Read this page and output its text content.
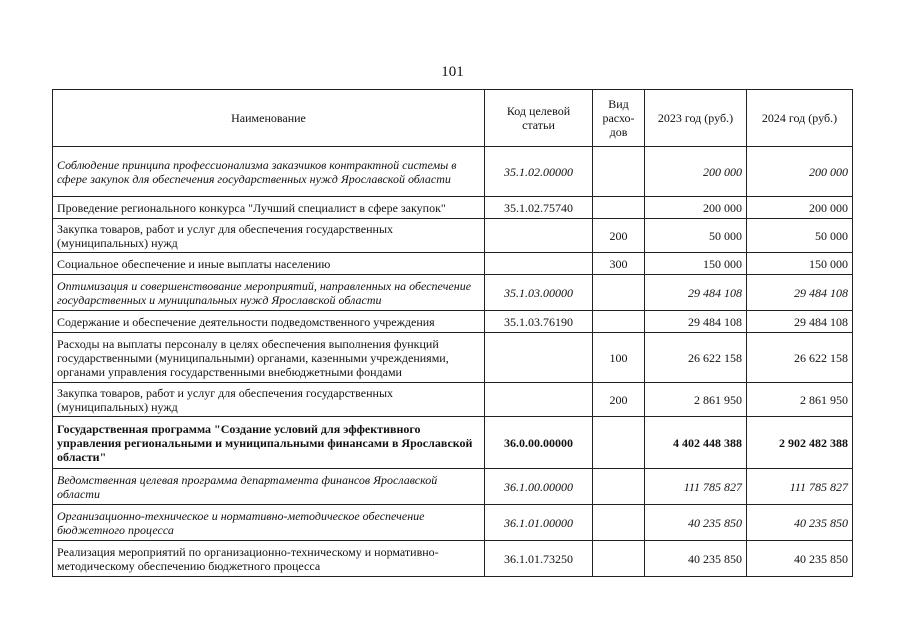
101
Наименование	Код целевой статьи	Вид расхо-дов	2023 год (руб.)	2024 год (руб.)
Соблюдение принципа профессионализма заказчиков контрактной системы в сфере закупок для обеспечения государственных нужд Ярославской области	35.1.02.00000		200 000	200 000
Проведение регионального конкурса "Лучший специалист в сфере закупок"	35.1.02.75740		200 000	200 000
Закупка товаров, работ и услуг для обеспечения государственных (муниципальных) нужд		200	50 000	50 000
Социальное обеспечение и иные выплаты населению		300	150 000	150 000
Оптимизация и совершенствование мероприятий, направленных на обеспечение государственных и муниципальных нужд Ярославской области	35.1.03.00000		29 484 108	29 484 108
Содержание и обеспечение деятельности подведомственного учреждения	35.1.03.76190		29 484 108	29 484 108
Расходы на выплаты персоналу в целях обеспечения выполнения функций государственными (муниципальными) органами, казенными учреждениями, органами управления государственными внебюджетными фондами		100	26 622 158	26 622 158
Закупка товаров, работ и услуг для обеспечения государственных (муниципальных) нужд		200	2 861 950	2 861 950
Государственная программа "Создание условий для эффективного управления региональными и муниципальными финансами в Ярославской области"	36.0.00.00000		4 402 448 388	2 902 482 388
Ведомственная целевая программа департамента финансов Ярославской области	36.1.00.00000		111 785 827	111 785 827
Организационно-техническое и нормативно-методическое обеспечение бюджетного процесса	36.1.01.00000		40 235 850	40 235 850
Реализация мероприятий по организационно-техническому и нормативно-методическому обеспечению бюджетного процесса	36.1.01.73250		40 235 850	40 235 850
